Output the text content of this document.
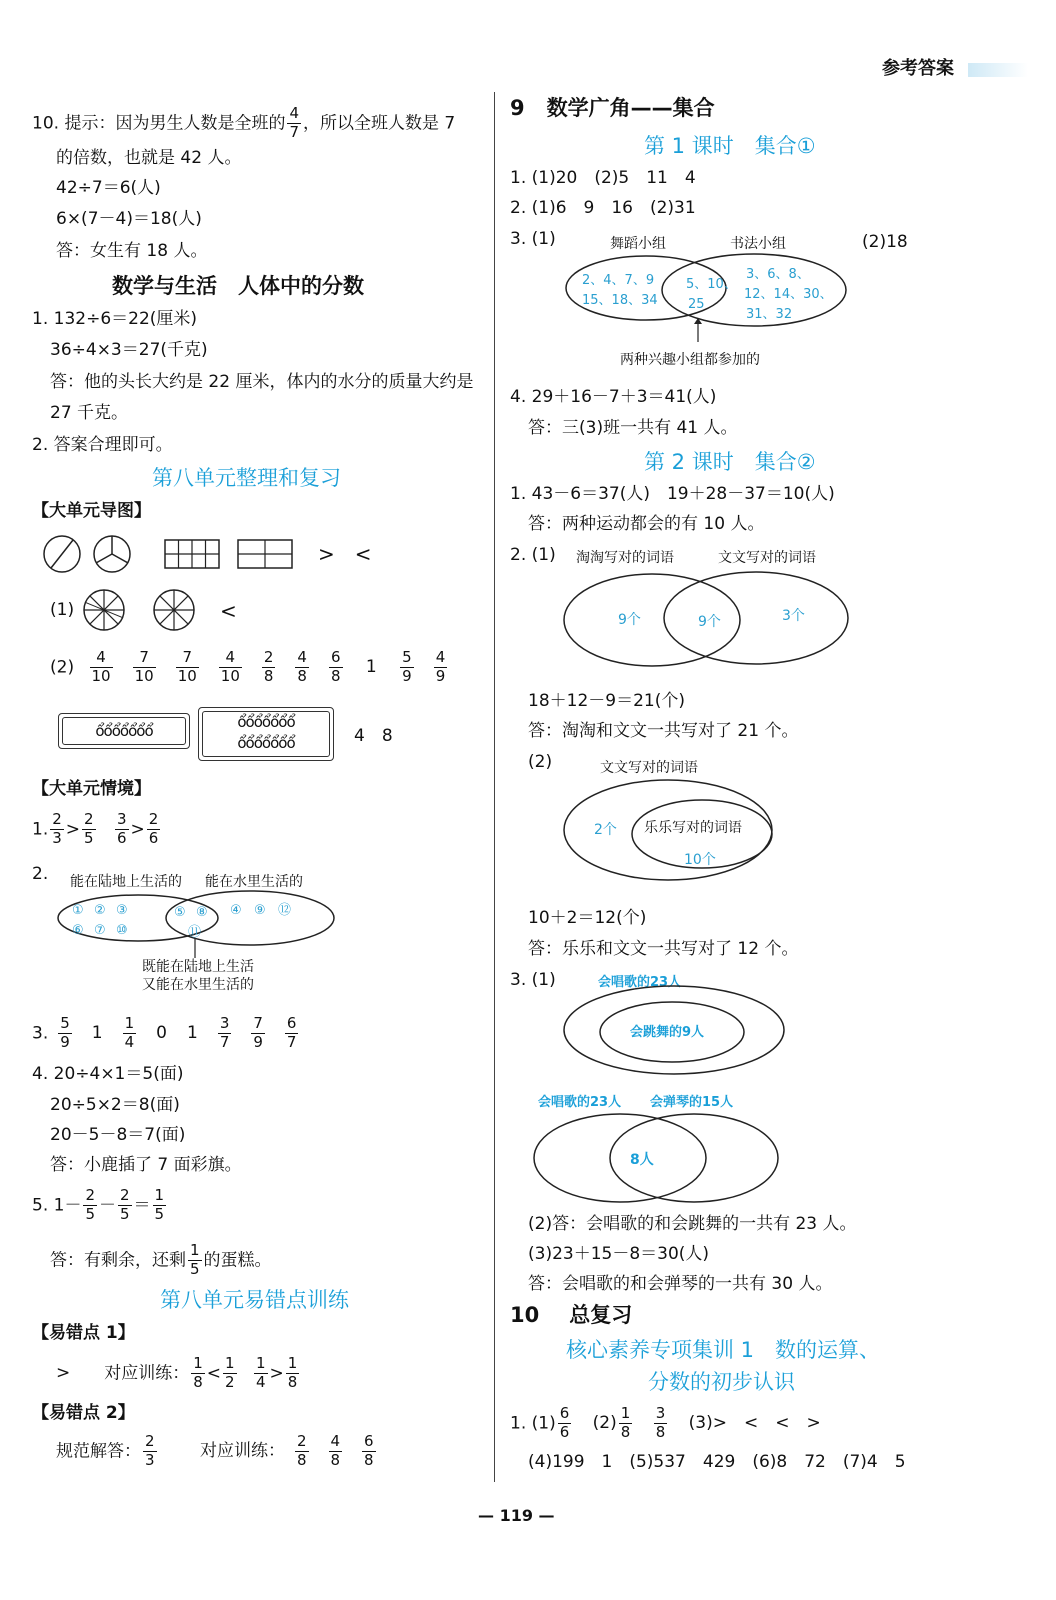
参考答案
10. 提示：因为男生人数是全班的 $\frac{4}{7}$ ，所以全班人数是 7
的倍数，也就是 42 人。
42÷7＝6(人)
6×(7－4)＝18(人)
答：女生有 18 人。
数学与生活　人体中的分数
1. 132÷6＝22(厘米)
36÷4×3＝27(千克)
答：他的头长大约是 22 厘米，体内的水分的质量大约是
27 千克。
2. 答案合理即可。
第八单元整理和复习
【大单元导图】
>　<
(1)	<
$(2) \frac{4}{10} \frac{7}{10} \frac{7}{10} \frac{4}{10} \frac{2}{8} \frac{4}{8} \frac{6}{8} 1 \frac{5}{9} \frac{4}{9}$
ổổổổổổổ	ổổổổổổổ
ổổổổổổổ	4　8
【大单元情境】
1. $\frac{2}{3} > \frac{2}{5}$
$\frac{3}{6} > \frac{2}{6}$
2. 能在陆地上生活的 能在水里生活的
① ② ③
⑥ ⑦ ⑩
⑤ ⑧
⑪
④ ⑨ ⑫
既能在陆地上生活
又能在水里生活的
3. $\frac{5}{9} 1 \frac{1}{4} 0$ $1 \frac{3}{7} \frac{7}{9} \frac{6}{7}$
4. 20÷4×1＝5(面)
20÷5×2＝8(面)
20－5－8＝7(面)
答：小鹿插了 7 面彩旗。
5. $1- \frac{2}{5} - \frac{2}{5} = \frac{1}{5}$
答：有剩余，还剩 $\frac{1}{5}$ 的蛋糕。
第八单元易错点训练
【易错点 1】
> 对应训练： $\frac{1}{8} < \frac{1}{2}$
$\frac{1}{4} > \frac{1}{8}$
【易错点 2】
规范解答： $\frac{2}{3}$	对应训练： $\frac{2}{8} \frac{4}{8} \frac{6}{8}$
9 数学广角——集合
第 1 课时　集合①
1. (1)20　(2)5　11　4
2. (1)6　9　16　(2)31
3. (1)	(2)18
舞蹈小组	书法小组
2、4、7、9
15、18、34
5、10、
25
3、6、8、
12、14、30、
31、32
两种兴趣小组都参加的
4. 29＋16－7＋3＝41(人)
答：三(3)班一共有 41 人。
第 2 课时　集合②
1. 43－6＝37(人)　19＋28－37＝10(人)
答：两种运动都会的有 10 人。
2. (1) 淘淘写对的词语	文文写对的词语
9个	9个	3个
18＋12－9＝21(个)
答：淘淘和文文一共写对了 21 个。
(2)	文文写对的词语
2个 乐乐写对的词语
10个
10＋2＝12(个)
答：乐乐和文文一共写对了 12 个。
3. (1)	会唱歌的23人
会跳舞的9人
会唱歌的23人 会弹琴的15人
8人
(2)答：会唱歌的和会跳舞的一共有 23 人。
(3)23＋15－8＝30(人)
答：会唱歌的和会弹琴的一共有 30 人。
10 总复习
核心素养专项集训 1　数的运算、
分数的初步认识
1. $(1) \frac{6}{6} (2) \frac{1}{8}$
$\frac{3}{8} (3)>$　<　<　>
(4)199　1　(5)537　429　(6)8　72　(7)4　5
— 119 —
